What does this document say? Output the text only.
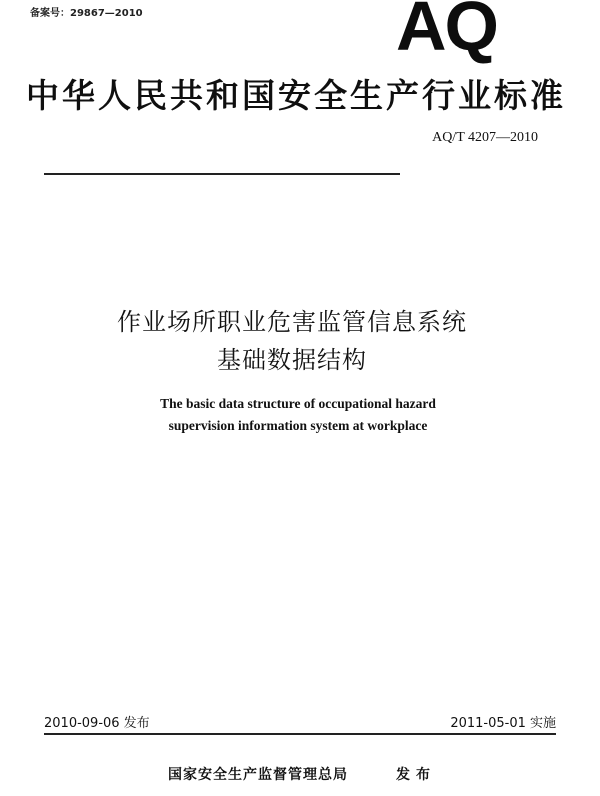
备案号：29867—2010	AQ
中华人民共和国安全生产行业标准
AQ/T 4207—2010
作业场所职业危害监管信息系统
基础数据结构
The basic data structure of occupational hazard
supervision information system at workplace
2010-09-06 发布	2011-05-01 实施
国家安全生产监督管理总局	发布
